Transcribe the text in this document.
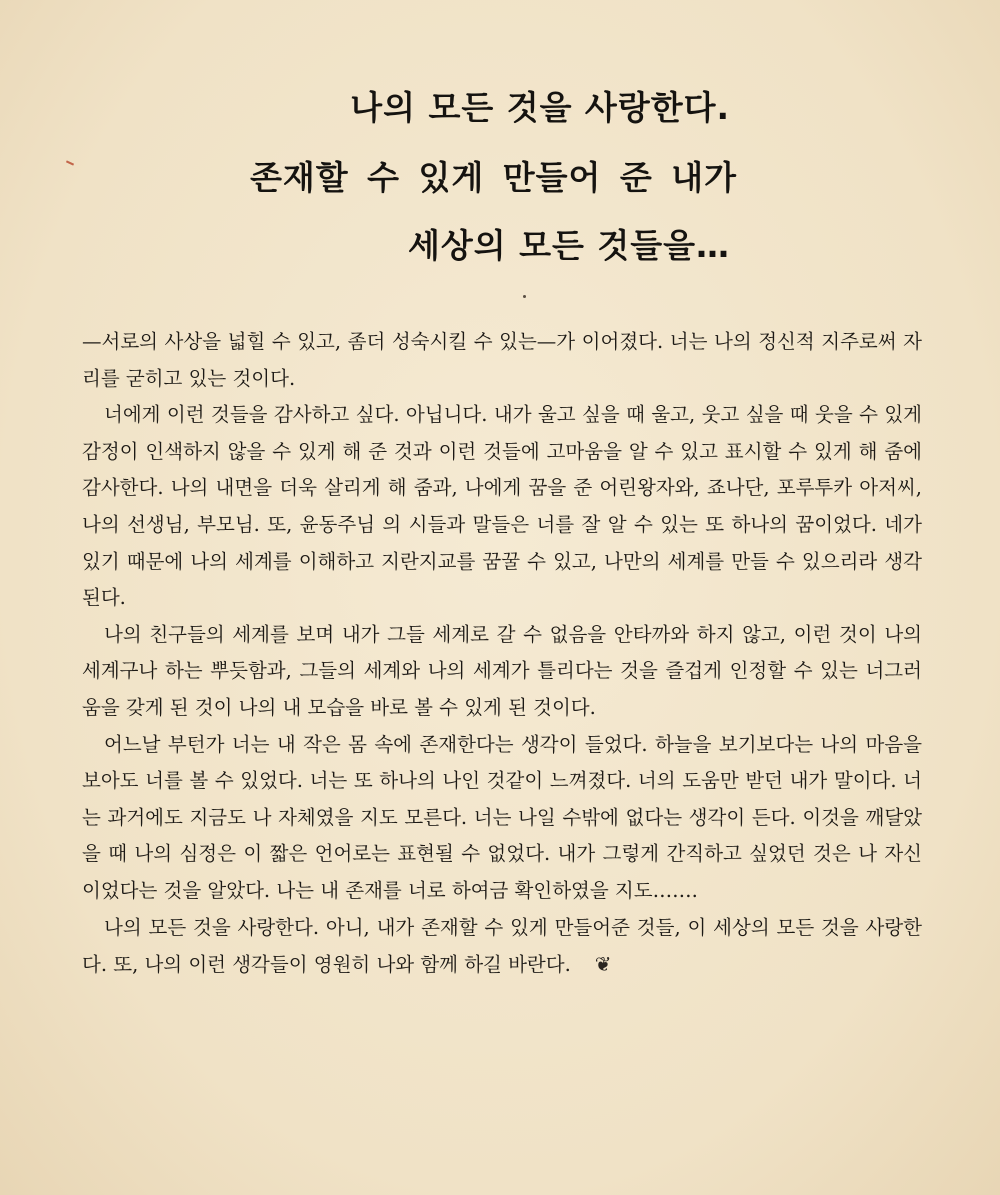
나의 모든 것을 사랑한다.
존재할 수 있게 만들어 준 내가
세상의 모든 것들을…

—서로의 사상을 넓힐 수 있고, 좀더 성숙시킬 수 있는—가 이어졌다. 너는 나의 정신적 지주로써 자리를 굳히고 있는 것이다.

너에게 이런 것들을 감사하고 싶다. 아닙니다. 내가 울고 싶을 때 울고, 웃고 싶을 때 웃을 수 있게 감정이 인색하지 않을 수 있게 해 준 것과 이런 것들에 고마움을 알 수 있고 표시할 수 있게 해 줌에 감사한다. 나의 내면을 더욱 살리게 해 줌과, 나에게 꿈을 준 어린왕자와, 죠나단, 포루투카 아저씨, 나의 선생님, 부모님. 또, 윤동주님 의 시들과 말들은 너를 잘 알 수 있는 또 하나의 꿈이었다. 네가 있기 때문에 나의 세계를 이해하고 지란지교를 꿈꿀 수 있고, 나만의 세계를 만들 수 있으리라 생각된다.

나의 친구들의 세계를 보며 내가 그들 세계로 갈 수 없음을 안타까와 하지 않고, 이런 것이 나의 세계구나 하는 뿌듯함과, 그들의 세계와 나의 세계가 틀리다는 것을 즐겁게 인정할 수 있는 너그러움을 갖게 된 것이 나의 내 모습을 바로 볼 수 있게 된 것이다.

어느날 부턴가 너는 내 작은 몸 속에 존재한다는 생각이 들었다. 하늘을 보기보다는 나의 마음을 보아도 너를 볼 수 있었다. 너는 또 하나의 나인 것같이 느껴졌다. 너의 도움만 받던 내가 말이다. 너는 과거에도 지금도 나 자체였을 지도 모른다. 너는 나일 수밖에 없다는 생각이 든다. 이것을 깨달았을 때 나의 심정은 이 짧은 언어로는 표현될 수 없었다. 내가 그렇게 간직하고 싶었던 것은 나 자신이었다는 것을 알았다. 나는 내 존재를 너로 하여금 확인하였을 지도…….

나의 모든 것을 사랑한다. 아니, 내가 존재할 수 있게 만들어준 것들, 이 세상의 모든 것을 사랑한다. 또, 나의 이런 생각들이 영원히 나와 함께 하길 바란다. ❦
